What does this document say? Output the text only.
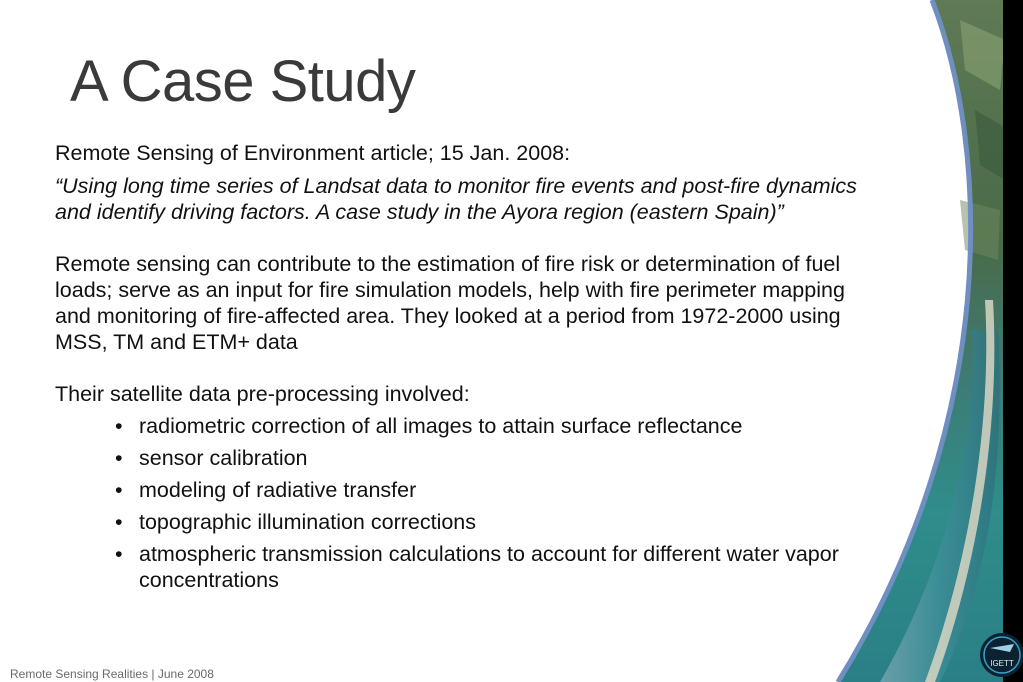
IGETT
A Case Study

Remote Sensing of Environment article; 15 Jan. 2008:

“Using long time series of Landsat data to monitor fire events and post-fire dynamics and identify driving factors. A case study in the Ayora region (eastern Spain)”

Remote sensing can contribute to the estimation of fire risk or determination of fuel loads; serve as an input for fire simulation models, help with fire perimeter mapping and monitoring of fire-affected area. They looked at a period from 1972-2000 using MSS, TM and ETM+ data

Their satellite data pre-processing involved:

• radiometric correction of all images to attain surface reflectance
• sensor calibration
• modeling of radiative transfer
• topographic illumination corrections
• atmospheric transmission calculations to account for different water vapor concentrations
Remote Sensing Realities | June 2008
